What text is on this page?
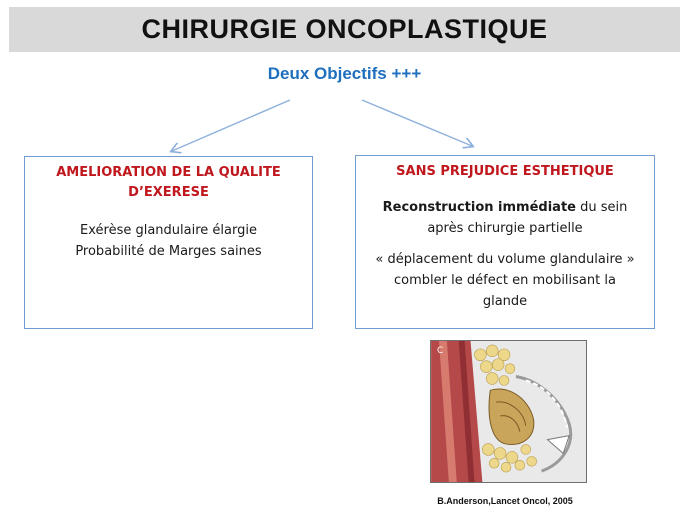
CHIRURGIE ONCOPLASTIQUE
Deux Objectifs +++
AMELIORATION DE LA QUALITE
D’EXERESE
Exérèse glandulaire élargie
Probabilité de Marges saines
SANS PREJUDICE ESTHETIQUE
Reconstruction immédiate du sein
après chirurgie partielle
« déplacement du volume glandulaire »
combler le défect en mobilisant la
glande
C
B.Anderson,Lancet Oncol, 2005
